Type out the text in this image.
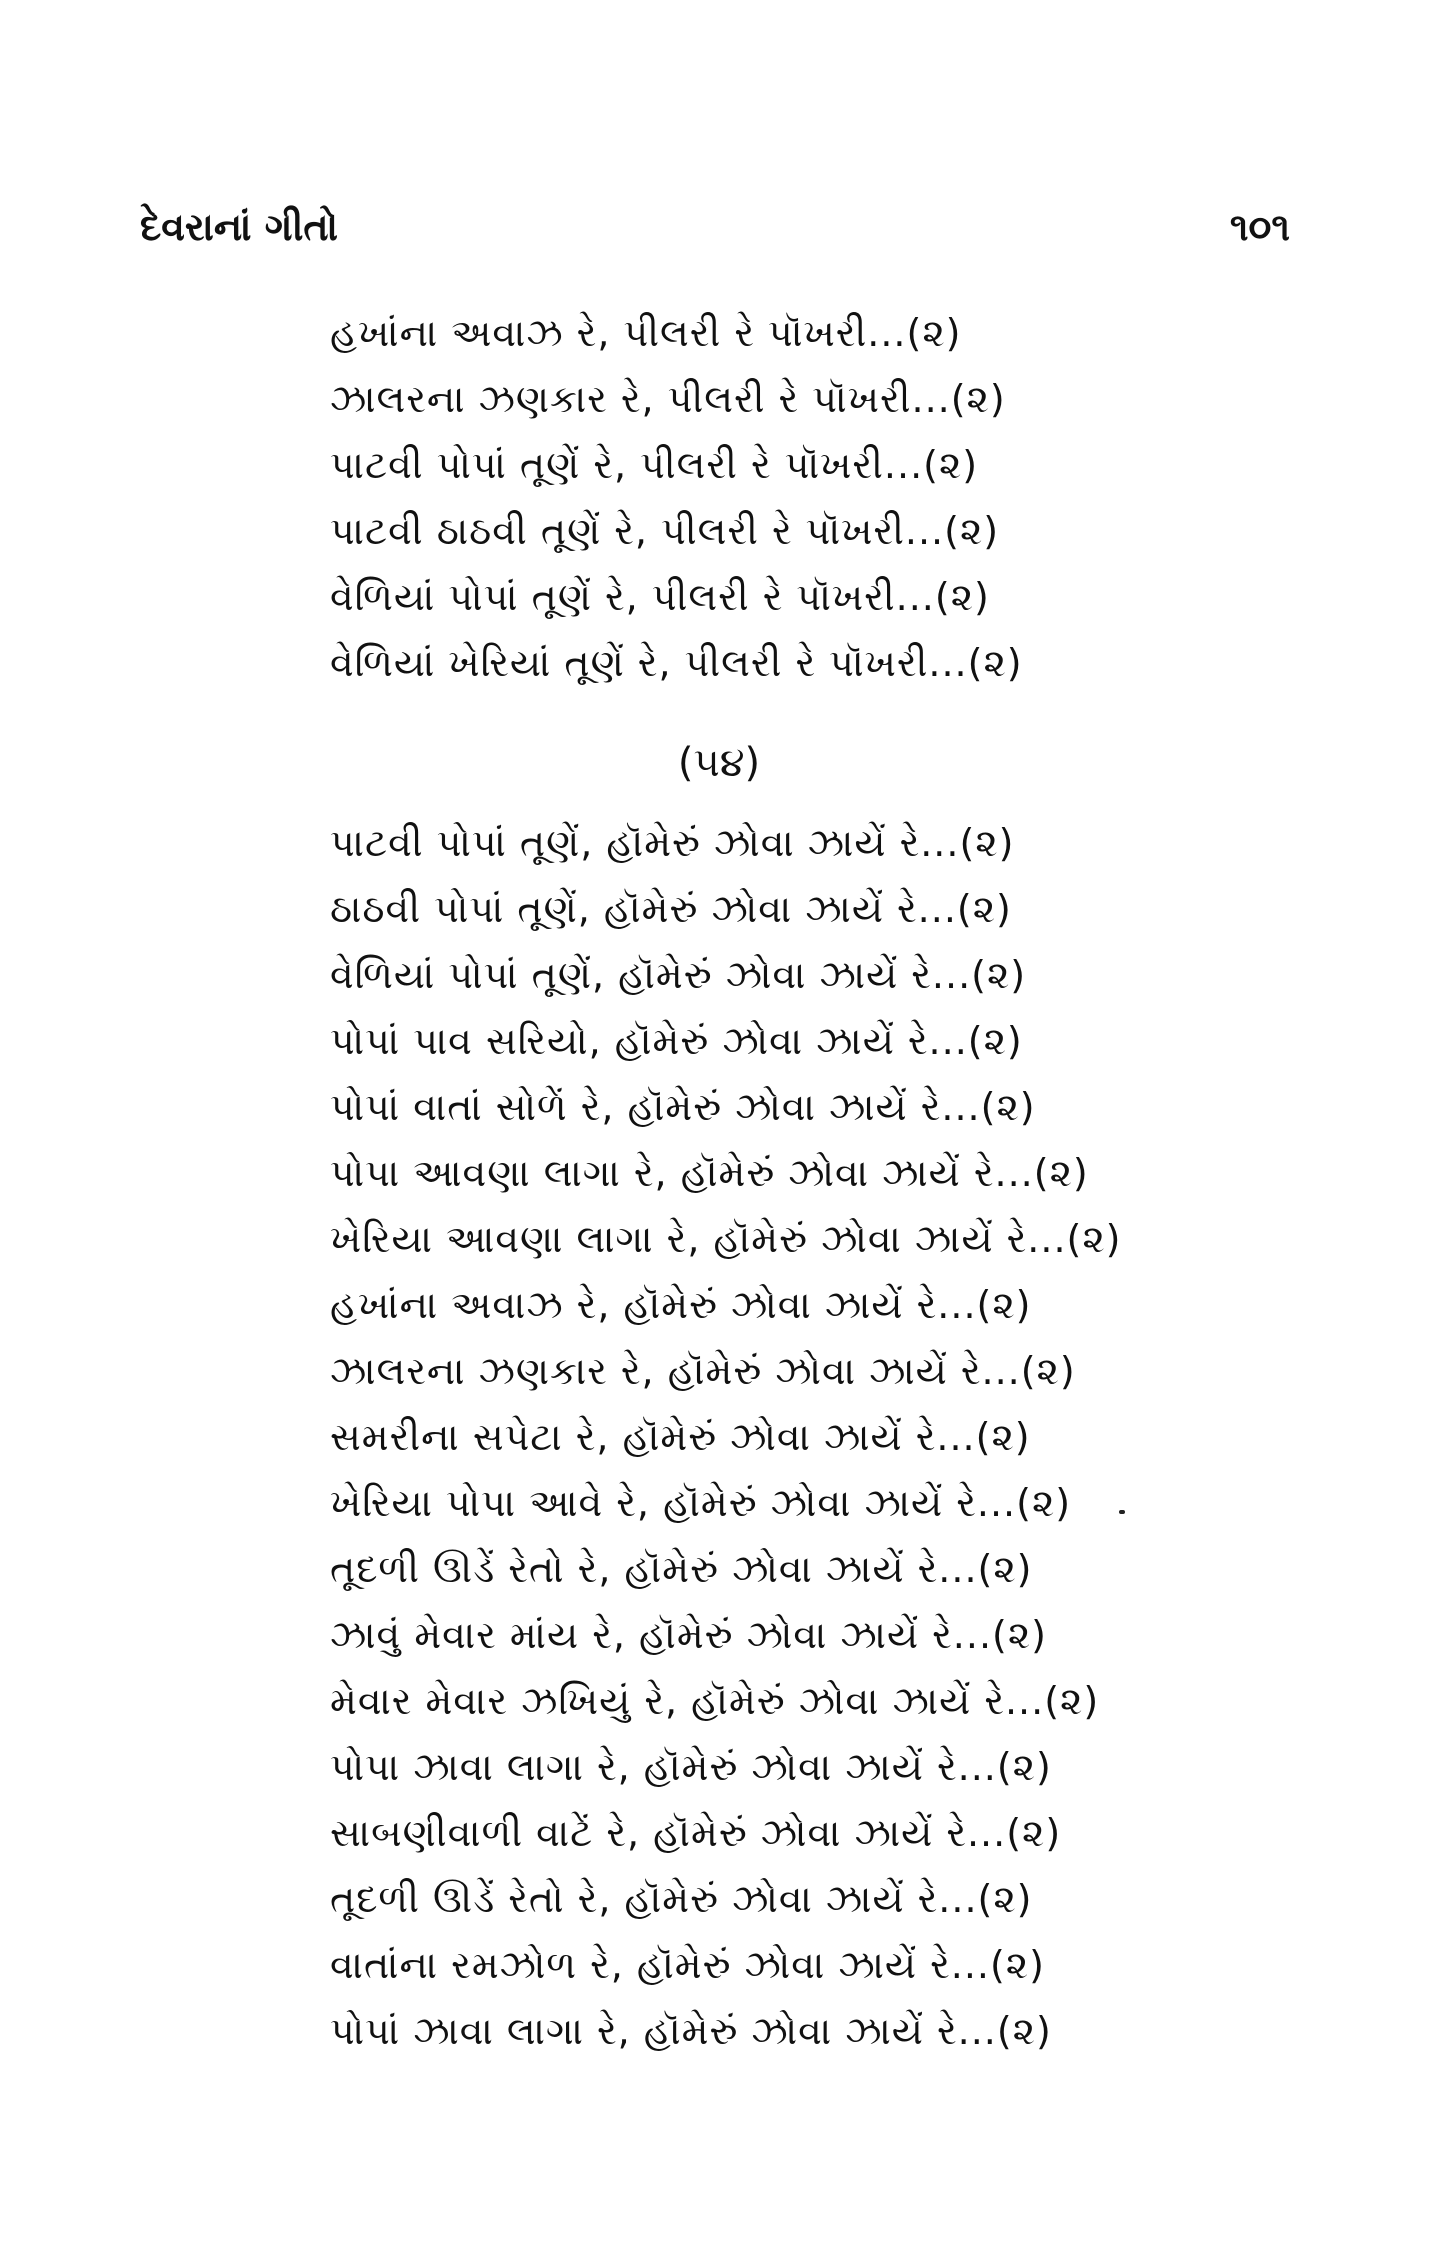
દેવરાનાં ગીતો	૧૦૧
હખાંના અવાઝ રે, પીલરી રે પૉખરી...(૨)
ઝાલરના ઝણકાર રે, પીલરી રે પૉખરી...(૨)
પાટવી પોપાં તૂણેં રે, પીલરી રે પૉખરી...(૨)
પાટવી ઠાઠવી તૂણેં રે, પીલરી રે પૉખરી...(૨)
વેળિયાં પોપાં તૂણેં રે, પીલરી રે પૉખરી...(૨)
વેળિયાં ખેરિયાં તૂણેં રે, પીલરી રે પૉખરી...(૨)
(૫૪)
પાટવી પોપાં તૂણેં, હૉમેરું ઝોવા ઝાયેં રે...(૨)
ઠાઠવી પોપાં તૂણેં, હૉમેરું ઝોવા ઝાયેં રે...(૨)
વેળિયાં પોપાં તૂણેં, હૉમેરું ઝોવા ઝાયેં રે...(૨)
પોપાં પાવ સરિયો, હૉમેરું ઝોવા ઝાયેં રે...(૨)
પોપાં વાતાં સોળેં રે, હૉમેરું ઝોવા ઝાયેં રે...(૨)
પોપા આવણા લાગા રે, હૉમેરું ઝોવા ઝાયેં રે...(૨)
ખેરિયા આવણા લાગા રે, હૉમેરું ઝોવા ઝાયેં રે...(૨)
હખાંના અવાઝ રે, હૉમેરું ઝોવા ઝાયેં રે...(૨)
ઝાલરના ઝણકાર રે, હૉમેરું ઝોવા ઝાયેં રે...(૨)
સમરીના સપેટા રે, હૉમેરું ઝોવા ઝાયેં રે...(૨)
ખેરિયા પોપા આવે રે, હૉમેરું ઝોવા ઝાયેં રે...(૨)
તૂદળી ઊડેં રેતો રે, હૉમેરું ઝોવા ઝાયેં રે...(૨)
ઝાવું મેવાર માંય રે, હૉમેરું ઝોવા ઝાયેં રે...(૨)
મેવાર મેવાર ઝખિયું રે, હૉમેરું ઝોવા ઝાયેં રે...(૨)
પોપા ઝાવા લાગા રે, હૉમેરું ઝોવા ઝાયેં રે...(૨)
સાબણીવાળી વાટેં રે, હૉમેરું ઝોવા ઝાયેં રે...(૨)
તૂદળી ઊડેં રેતો રે, હૉમેરું ઝોવા ઝાયેં રે...(૨)
વાતાંના રમઝોળ રે, હૉમેરું ઝોવા ઝાયેં રે...(૨)
પોપાં ઝાવા લાગા રે, હૉમેરું ઝોવા ઝાયેં રે...(૨)
